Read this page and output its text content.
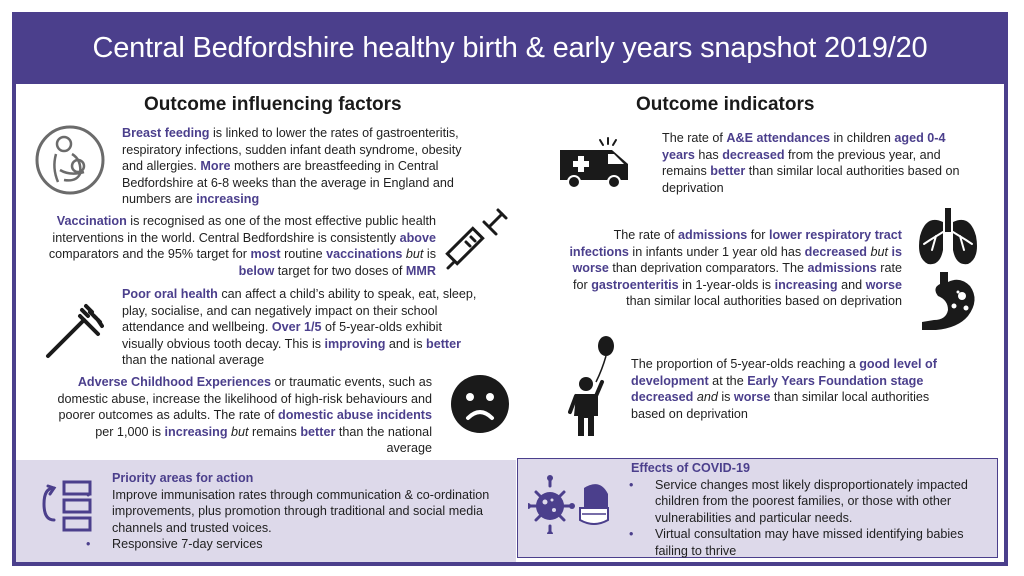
Central Bedfordshire healthy birth & early years snapshot 2019/20
Outcome influencing factors	Outcome indicators
Breast feeding is linked to lower the rates of gastroenteritis, respiratory infections, sudden infant death syndrome, obesity and allergies. More mothers are breastfeeding in Central Bedfordshire at 6-8 weeks than the average in England and numbers are increasing
Vaccination is recognised as one of the most effective public health interventions in the world. Central Bedfordshire is consistently above comparators and the 95% target for most routine vaccinations but is below target for two doses of MMR
Poor oral health can affect a child’s ability to speak, eat, sleep, play, socialise, and can negatively impact on their school attendance and wellbeing. Over 1/5 of 5-year-olds exhibit visually obvious tooth decay. This is improving and is better than the national average
Adverse Childhood Experiences or traumatic events, such as domestic abuse, increase the likelihood of high-risk behaviours and poorer outcomes as adults. The rate of domestic abuse incidents per 1,000 is increasing but remains better than the national average
The rate of A&E attendances in children aged 0-4 years has decreased from the previous year, and remains better than similar local authorities based on deprivation
The rate of admissions for lower respiratory tract infections in infants under 1 year old has decreased but is worse than deprivation comparators. The admissions rate for gastroenteritis in 1-year-olds is increasing and worse than similar local authorities based on deprivation
The proportion of 5-year-olds reaching a good level of development at the Early Years Foundation stage decreased and is worse than similar local authorities based on deprivation
Priority areas for action
• Improve immunisation rates through communication & co-ordination improvements, plus promotion through traditional and social media channels and trusted voices.
• Responsive 7-day services
Effects of COVID-19
• Service changes most likely disproportionately impacted children from the poorest families, or those with other vulnerabilities and particular needs.
• Virtual consultation may have missed identifying babies failing to thrive
